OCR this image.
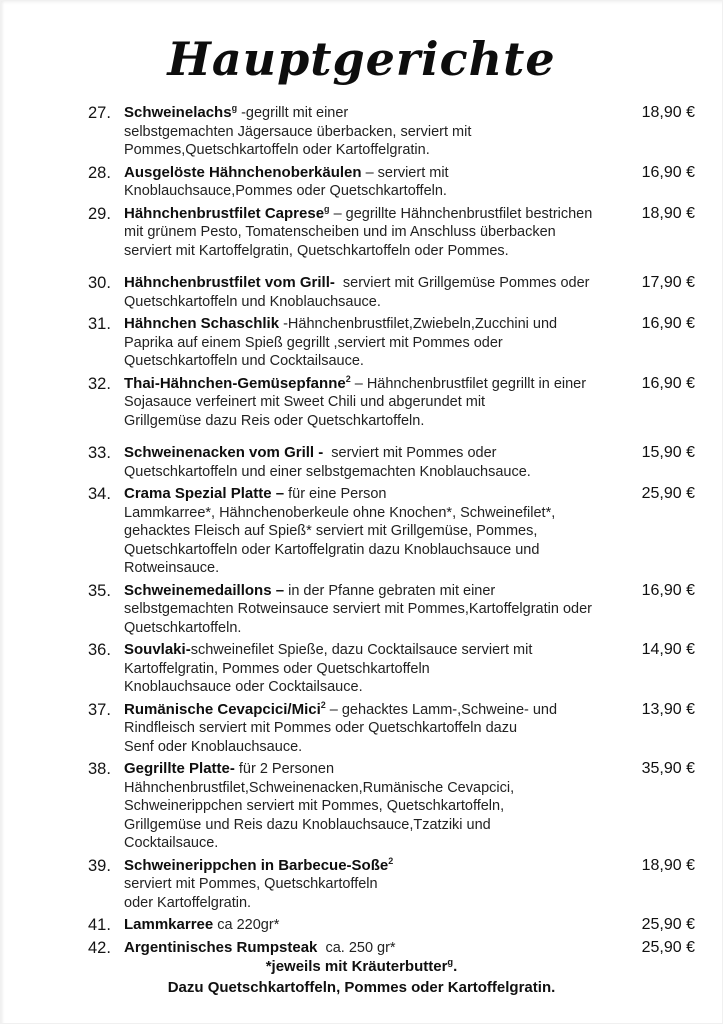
Hauptgerichte
27. Schweinelachs$^g$ -gegrillt mit einer
selbstgemachten Jägersauce überbacken, serviert mit
Pommes,Quetschkartoffeln oder Kartoffelgratin.
18,90 €
28. Ausgelöste Hähnchenoberkäulen – serviert mit
Knoblauchsauce,Pommes oder Quetschkartoffeln.
16,90 €
29. Hähnchenbrustfilet Caprese$^g$ – gegrillte Hähnchenbrustfilet bestrichen
mit grünem Pesto, Tomatenscheiben und im Anschluss überbacken
serviert mit Kartoffelgratin, Quetschkartoffeln oder Pommes.
18,90 €
30. Hähnchenbrustfilet vom Grill-  serviert mit Grillgemüse Pommes oder
Quetschkartoffeln und Knoblauchsauce.
17,90 €
31. Hähnchen Schaschlik -Hähnchenbrustfilet,Zwiebeln,Zucchini und
Paprika auf einem Spieß gegrillt ,serviert mit Pommes oder
Quetschkartoffeln und Cocktailsauce.
16,90 €
32. Thai-Hähnchen-Gemüsepfanne$^2$ – Hähnchenbrustfilet gegrillt in einer
Sojasauce verfeinert mit Sweet Chili und abgerundet mit
Grillgemüse dazu Reis oder Quetschkartoffeln.
16,90 €
33. Schweinenacken vom Grill -  serviert mit Pommes oder
Quetschkartoffeln und einer selbstgemachten Knoblauchsauce.
15,90 €
34. Crama Spezial Platte – für eine Person
Lammkarree*, Hähnchenoberkeule ohne Knochen*, Schweinefilet*,
gehacktes Fleisch auf Spieß* serviert mit Grillgemüse, Pommes,
Quetschkartoffeln oder Kartoffelgratin dazu Knoblauchsauce und
Rotweinsauce.
25,90 €
35. Schweinemedaillons – in der Pfanne gebraten mit einer
selbstgemachten Rotweinsauce serviert mit Pommes,Kartoffelgratin oder
Quetschkartoffeln.
16,90 €
36. Souvlaki-schweinefilet Spieße, dazu Cocktailsauce serviert mit
Kartoffelgratin, Pommes oder Quetschkartoffeln
Knoblauchsauce oder Cocktailsauce.
14,90 €
37. Rumänische Cevapcici/Mici$^2$ – gehacktes Lamm-,Schweine- und
Rindfleisch serviert mit Pommes oder Quetschkartoffeln dazu
Senf oder Knoblauchsauce.
13,90 €
38. Gegrillte Platte- für 2 Personen
Hähnchenbrustfilet,Schweinenacken,Rumänische Cevapcici,
Schweinerippchen serviert mit Pommes, Quetschkartoffeln,
Grillgemüse und Reis dazu Knoblauchsauce,Tzatziki und
Cocktailsauce.
35,90 €
39. Schweinerippchen in Barbecue-Soße$^2$
serviert mit Pommes, Quetschkartoffeln
oder Kartoffelgratin.
18,90 €
41. Lammkarree ca 220gr*	25,90 €
42. Argentinisches Rumpsteak  ca. 250 gr*	25,90 €
*jeweils mit Kräuterbutter$^g$.
Dazu Quetschkartoffeln, Pommes oder Kartoffelgratin.
